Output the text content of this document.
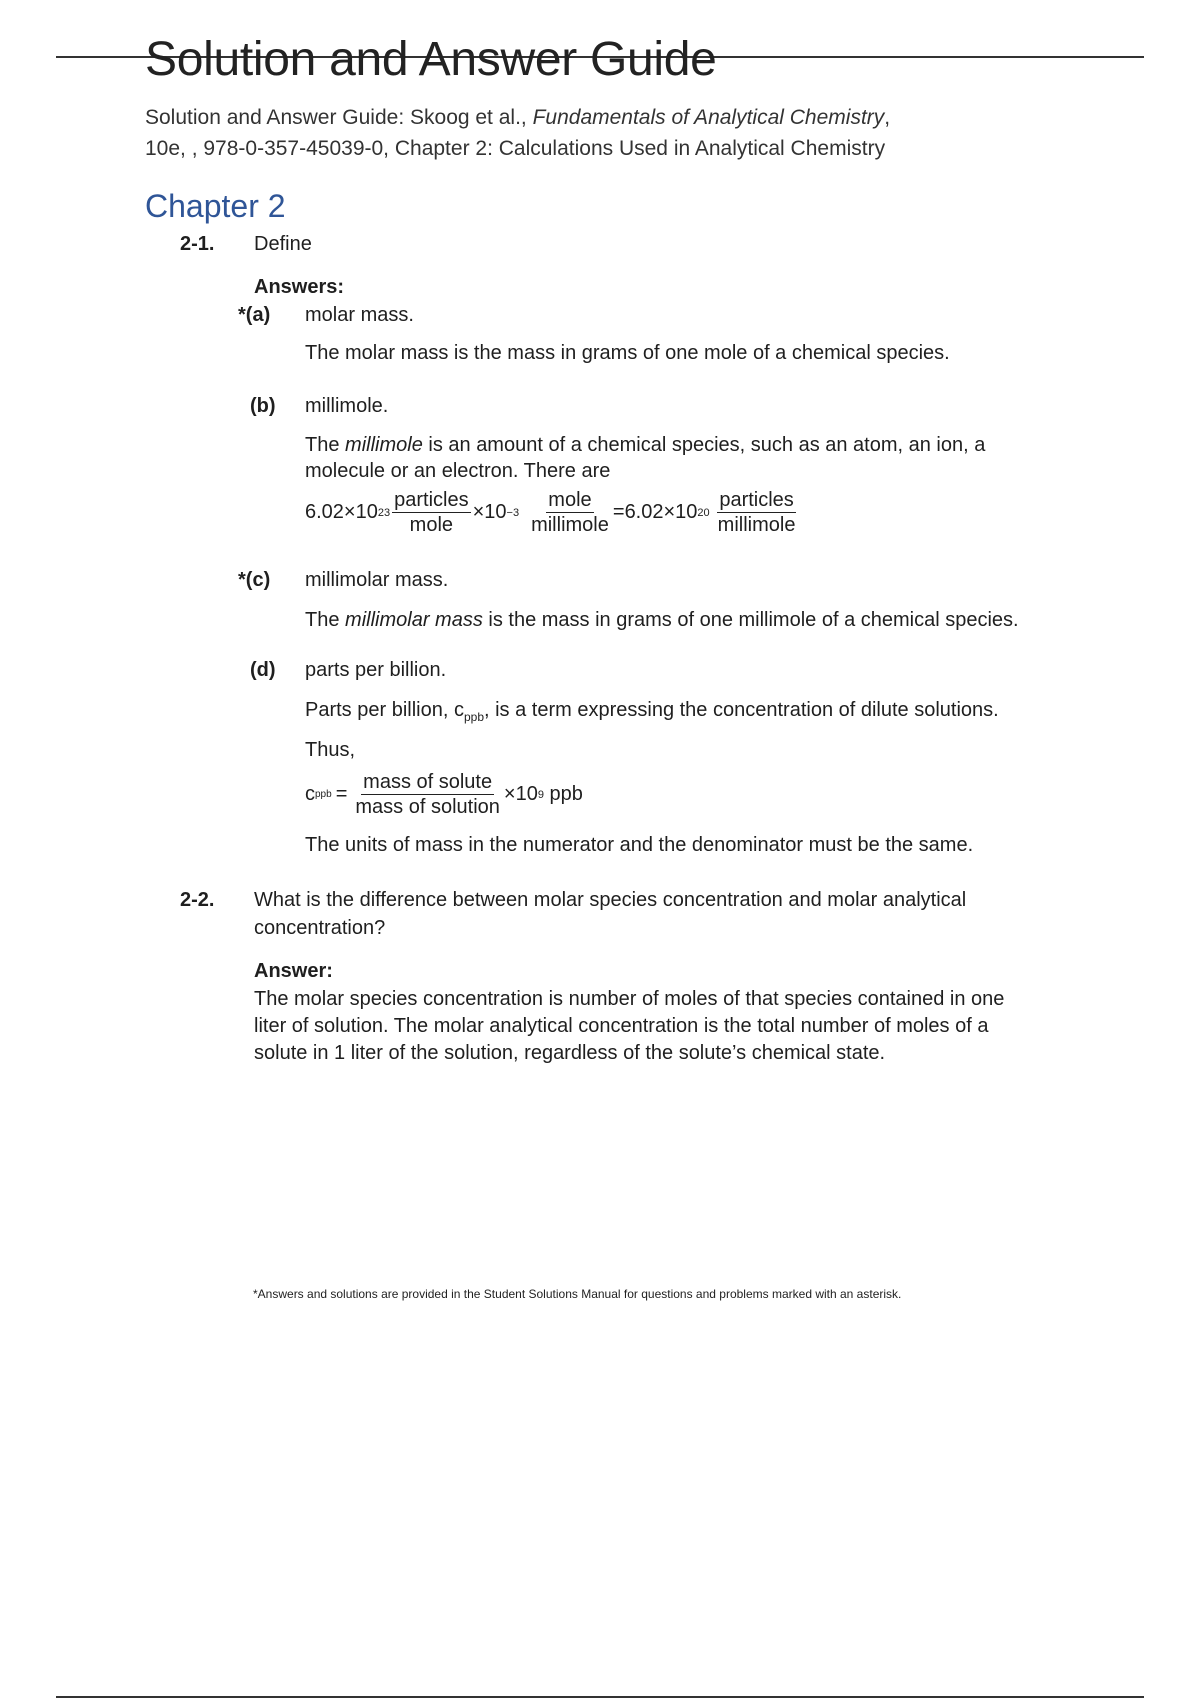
Solution and Answer Guide
Solution and Answer Guide: Skoog et al., Fundamentals of Analytical Chemistry,
10e, , 978-0-357-45039-0, Chapter 2: Calculations Used in Analytical Chemistry
Chapter 2
2-1. Define
Answers:
*(a) molar mass.
The molar mass is the mass in grams of one mole of a chemical species.
(b) millimole.
The millimole is an amount of a chemical species, such as an atom, an ion, a
molecule or an electron. There are
6.02×10 $23 \frac{\text{particles}}{\text{mole}} \times 10 -3 \frac{\text{mole}}{\text{millimole}} = 6.02\times 10$ $20 \frac{\text{particles}}{\text{millimole}}$
*(c) millimolar mass.
The millimolar mass is the mass in grams of one millimole of a chemical species.
(d) parts per billion.
Parts per billion, $c_{ppb}$, is a term expressing the concentration of dilute solutions.
Thus,
c ppb = $\frac{\text{mass of solute}}{\text{mass of solution}} \times 10$ 9 ppb
The units of mass in the numerator and the denominator must be the same.
2-2. What is the difference between molar species concentration and molar analytical
concentration?
Answer:
The molar species concentration is number of moles of that species contained in one
liter of solution. The molar analytical concentration is the total number of moles of a
solute in 1 liter of the solution, regardless of the solute’s chemical state.
*Answers and solutions are provided in the Student Solutions Manual for questions and problems marked with an asterisk.
